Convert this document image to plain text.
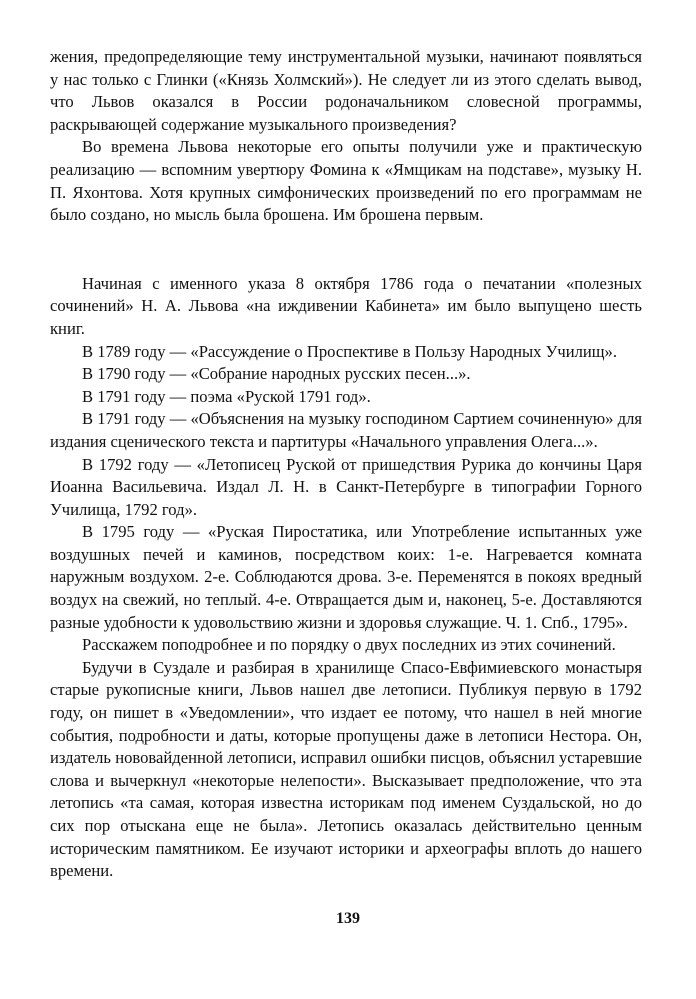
жения, предопределяющие тему инструментальной музыки, начинают появляться у нас только с Глинки («Князь Холмский»). Не следует ли из этого сделать вывод, что Львов оказался в России родоначальником словесной программы, раскрывающей содержание музыкального произведения?

Во времена Львова некоторые его опыты получили уже и практическую реализацию — вспомним увертюру Фомина к «Ямщикам на подставе», музыку Н. П. Яхонтова. Хотя крупных симфонических произведений по его программам не было создано, но мысль была брошена. Им брошена первым.

Начиная с именного указа 8 октября 1786 года о печатании «полезных сочинений» Н. А. Львова «на иждивении Кабинета» им было выпущено шесть книг.

В 1789 году — «Рассуждение о Проспективе в Пользу Народных Училищ».

В 1790 году — «Собрание народных русских песен...».

В 1791 году — поэма «Руской 1791 год».

В 1791 году — «Объяснения на музыку господином Сартием сочиненную» для издания сценического текста и партитуры «Начального управления Олега...».

В 1792 году — «Летописец Руской от пришедствия Рурика до кончины Царя Иоанна Васильевича. Издал Л. Н. в Санкт-Петербурге в типографии Горного Училища, 1792 год».

В 1795 году — «Руская Пиростатика, или Употребление испытанных уже воздушных печей и каминов, посредством коих: 1-е. Нагревается комната наружным воздухом. 2-е. Соблюдаются дрова. 3-е. Переменятся в покоях вредный воздух на свежий, но теплый. 4-е. Отвращается дым и, наконец, 5-е. Доставляются разные удобности к удовольствию жизни и здоровья служащие. Ч. 1. Спб., 1795».

Расскажем поподробнее и по порядку о двух последних из этих сочинений.

Будучи в Суздале и разбирая в хранилище Спасо-Евфимиевского монастыря старые рукописные книги, Львов нашел две летописи. Публикуя первую в 1792 году, он пишет в «Уведомлении», что издает ее потому, что нашел в ней многие события, подробности и даты, которые пропущены даже в летописи Нестора. Он, издатель нововайденной летописи, исправил ошибки писцов, объяснил устаревшие слова и вычеркнул «некоторые нелепости». Высказывает предположение, что эта летопись «та самая, которая известна историкам под именем Суздальской, но до сих пор отыскана еще не была». Летопись оказалась действительно ценным историческим памятником. Ее изучают историки и археографы вплоть до нашего времени.

139
